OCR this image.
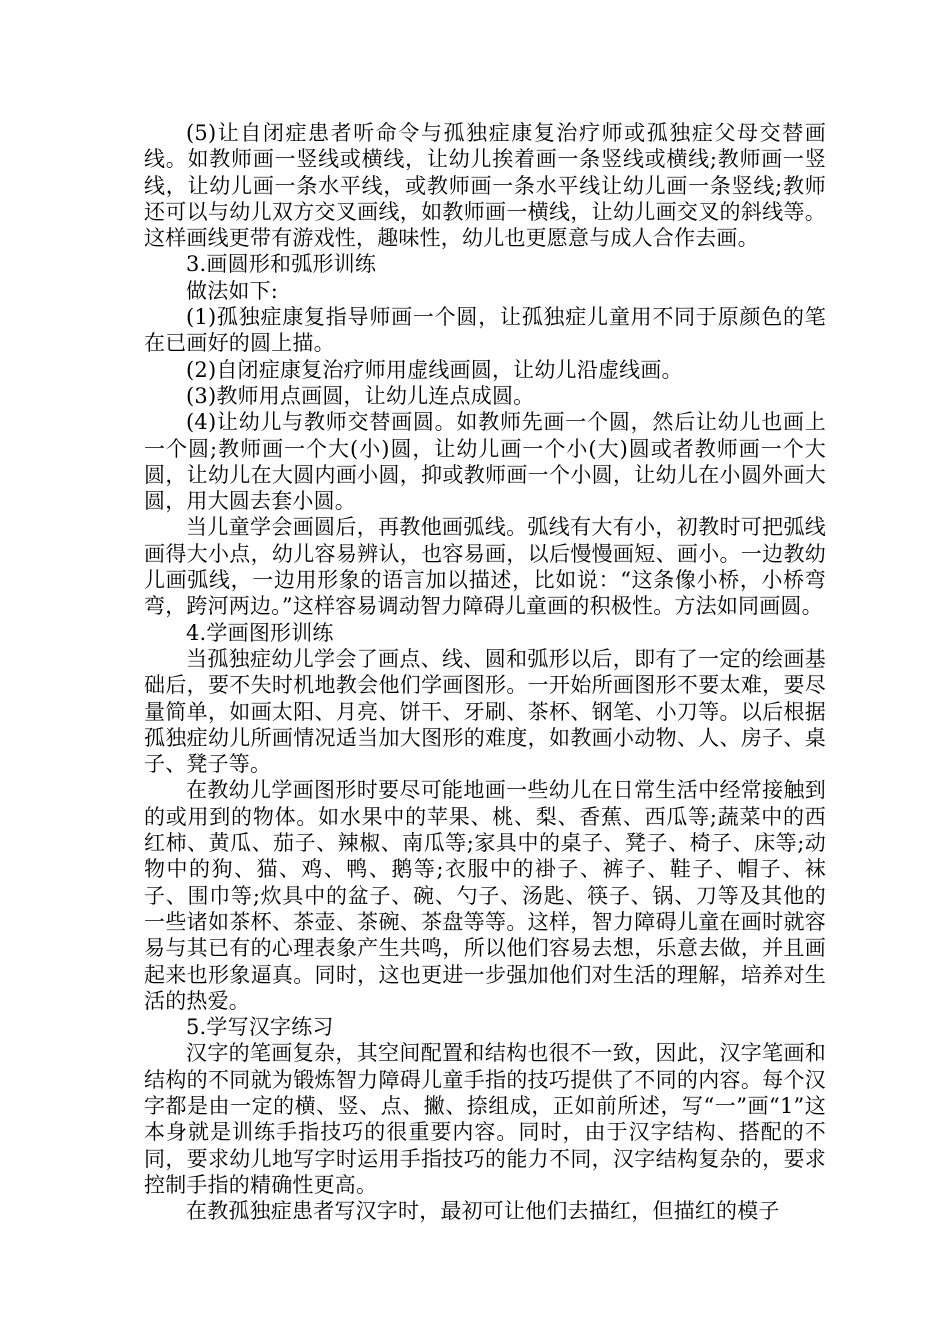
(5)让自闭症患者听命令与孤独症康复治疗师或孤独症父母交替画线。如教师画一竖线或横线，让幼儿挨着画一条竖线或横线;教师画一竖线，让幼儿画一条水平线，或教师画一条水平线让幼儿画一条竖线;教师还可以与幼儿双方交叉画线，如教师画一横线，让幼儿画交叉的斜线等。这样画线更带有游戏性，趣味性，幼儿也更愿意与成人合作去画。

3.画圆形和弧形训练

做法如下:

(1)孤独症康复指导师画一个圆，让孤独症儿童用不同于原颜色的笔在已画好的圆上描。

(2)自闭症康复治疗师用虚线画圆，让幼儿沿虚线画。

(3)教师用点画圆，让幼儿连点成圆。

(4)让幼儿与教师交替画圆。如教师先画一个圆，然后让幼儿也画上一个圆;教师画一个大(小)圆，让幼儿画一个小(大)圆或者教师画一个大圆，让幼儿在大圆内画小圆，抑或教师画一个小圆，让幼儿在小圆外画大圆，用大圆去套小圆。

当儿童学会画圆后，再教他画弧线。弧线有大有小，初教时可把弧线画得大小点，幼儿容易辨认，也容易画，以后慢慢画短、画小。一边教幼儿画弧线，一边用形象的语言加以描述，比如说：“这条像小桥，小桥弯弯，跨河两边。”这样容易调动智力障碍儿童画的积极性。方法如同画圆。

4.学画图形训练

当孤独症幼儿学会了画点、线、圆和弧形以后，即有了一定的绘画基础后，要不失时机地教会他们学画图形。一开始所画图形不要太难，要尽量简单，如画太阳、月亮、饼干、牙刷、茶杯、钢笔、小刀等。以后根据孤独症幼儿所画情况适当加大图形的难度，如教画小动物、人、房子、桌子、凳子等。

在教幼儿学画图形时要尽可能地画一些幼儿在日常生活中经常接触到的或用到的物体。如水果中的苹果、桃、梨、香蕉、西瓜等;蔬菜中的西红柿、黄瓜、茄子、辣椒、南瓜等;家具中的桌子、凳子、椅子、床等;动物中的狗、猫、鸡、鸭、鹅等;衣服中的褂子、裤子、鞋子、帽子、袜子、围巾等;炊具中的盆子、碗、勺子、汤匙、筷子、锅、刀等及其他的一些诸如茶杯、茶壶、茶碗、茶盘等等。这样，智力障碍儿童在画时就容易与其已有的心理表象产生共鸣，所以他们容易去想，乐意去做，并且画起来也形象逼真。同时，这也更进一步强加他们对生活的理解，培养对生活的热爱。

5.学写汉字练习

汉字的笔画复杂，其空间配置和结构也很不一致，因此，汉字笔画和结构的不同就为锻炼智力障碍儿童手指的技巧提供了不同的内容。每个汉字都是由一定的横、竖、点、撇、捺组成，正如前所述，写“一”画“1”这本身就是训练手指技巧的很重要内容。同时，由于汉字结构、搭配的不同，要求幼儿地写字时运用手指技巧的能力不同，汉字结构复杂的，要求控制手指的精确性更高。

在教孤独症患者写汉字时，最初可让他们去描红，但描红的模子
